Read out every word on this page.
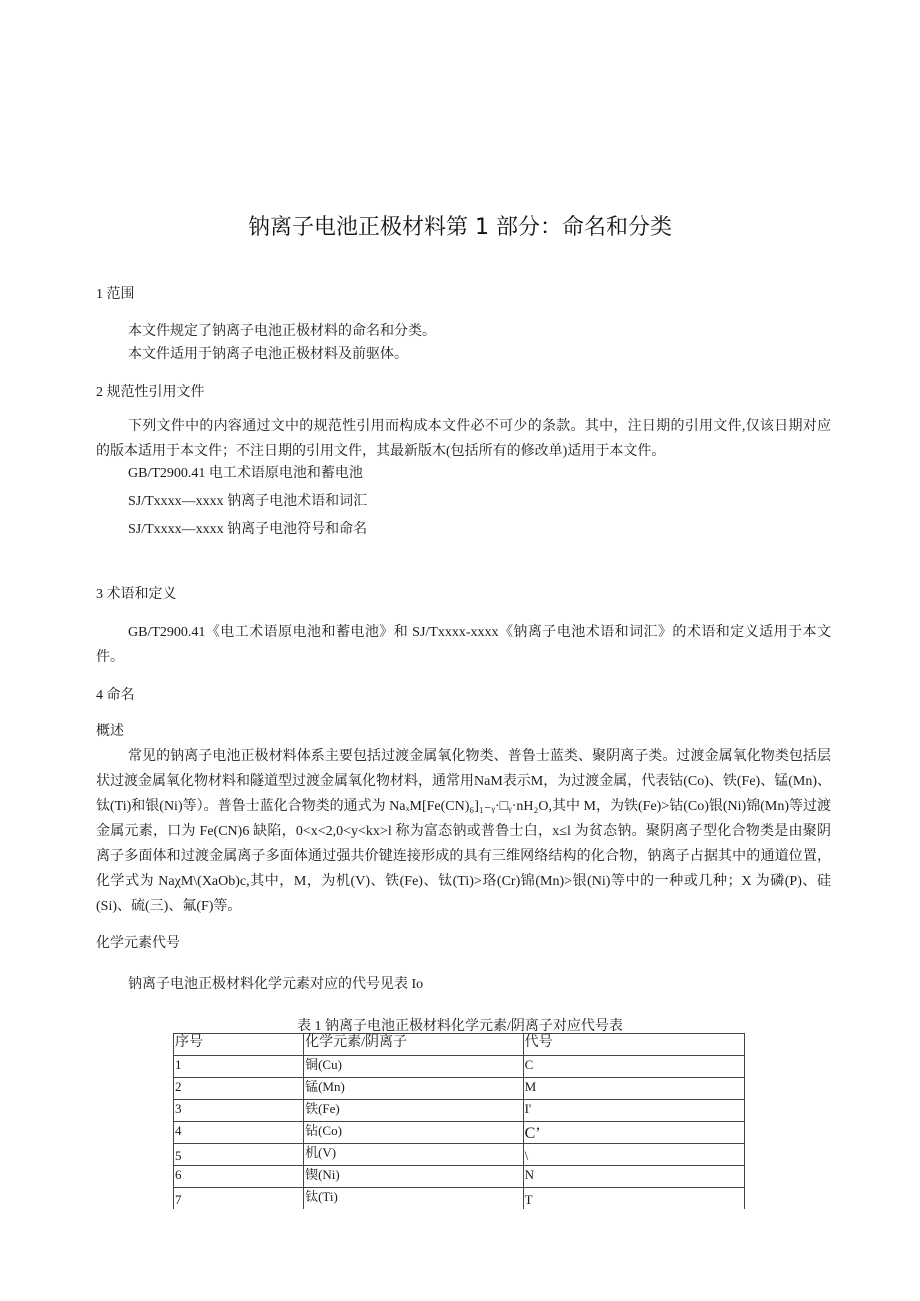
钠离子电池正极材料第 1 部分：命名和分类
1 范围
本文件规定了钠离子电池正极材料的命名和分类。
本文件适用于钠离子电池正极材料及前驱体。
2 规范性引用文件
下列文件中的内容通过文中的规范性引用而构成本文件必不可少的条款。其中，注日期的引用文件,仅该日期对应的版本适用于本文件；不注日期的引用文件，其最新版木(包括所有的修改单)适用于本文件。
GB/T2900.41 电工术语原电池和蓄电池
SJ/Txxxx—xxxx 钠离子电池术语和词汇
SJ/Txxxx—xxxx 钠离子电池符号和命名
3 术语和定义
GB/T2900.41《电工术语原电池和蓄电池》和 SJ/Txxxx-xxxx《钠离子电池术语和词汇》的术语和定义适用于本文件。
4 命名
概述
常见的钠离子电池正极材料体系主要包括过渡金属氧化物类、普鲁士蓝类、聚阴离子类。过渡金属氧化物类包括层状过渡金属氧化物材料和隧道型过渡金属氧化物材料，通常用NaM表示M，为过渡金属，代表钴(Co)、铁(Fe)、锰(Mn)、钛(Ti)和银(Ni)等）。普鲁士蓝化合物类的通式为 NaₓM[Fe(CN)₆]₁₋ᵧ·□ᵧ·nH₂O,其中 M，为铁(Fe)>钴(Co)银(Ni)锦(Mn)等过渡金属元素，口为 Fe(CN)6 缺陷，0<x<2,0<y<kx>l 称为富态钠或普鲁士白，x≤l 为贫态钠。聚阴离子型化合物类是由聚阴离子多面体和过渡金属离子多面体通过强共价键连接形成的具有三维网络结构的化合物，钠离子占据其中的通道位置，化学式为 NaχM\(XaOb)c,其中，M，为机(V)、铁(Fe)、钛(Ti)>珞(Cr)锦(Mn)>银(Ni)等中的一种或几种；X 为磷(P)、硅(Si)、硫(三)、氟(F)等。
化学元素代号
钠离子电池正极材料化学元素对应的代号见表 Io
表 1 钠离子电池正极材料化学元素/阴离子对应代号表
序号	化学元素/阴离子	代号
1	铜(Cu)	C
2	锰(Mn)	M
3	铁(Fe)	I'
4	钻(Co)	C’
5	机(V)	\
6	锲(Ni)	N
7	钛(Ti)	T
